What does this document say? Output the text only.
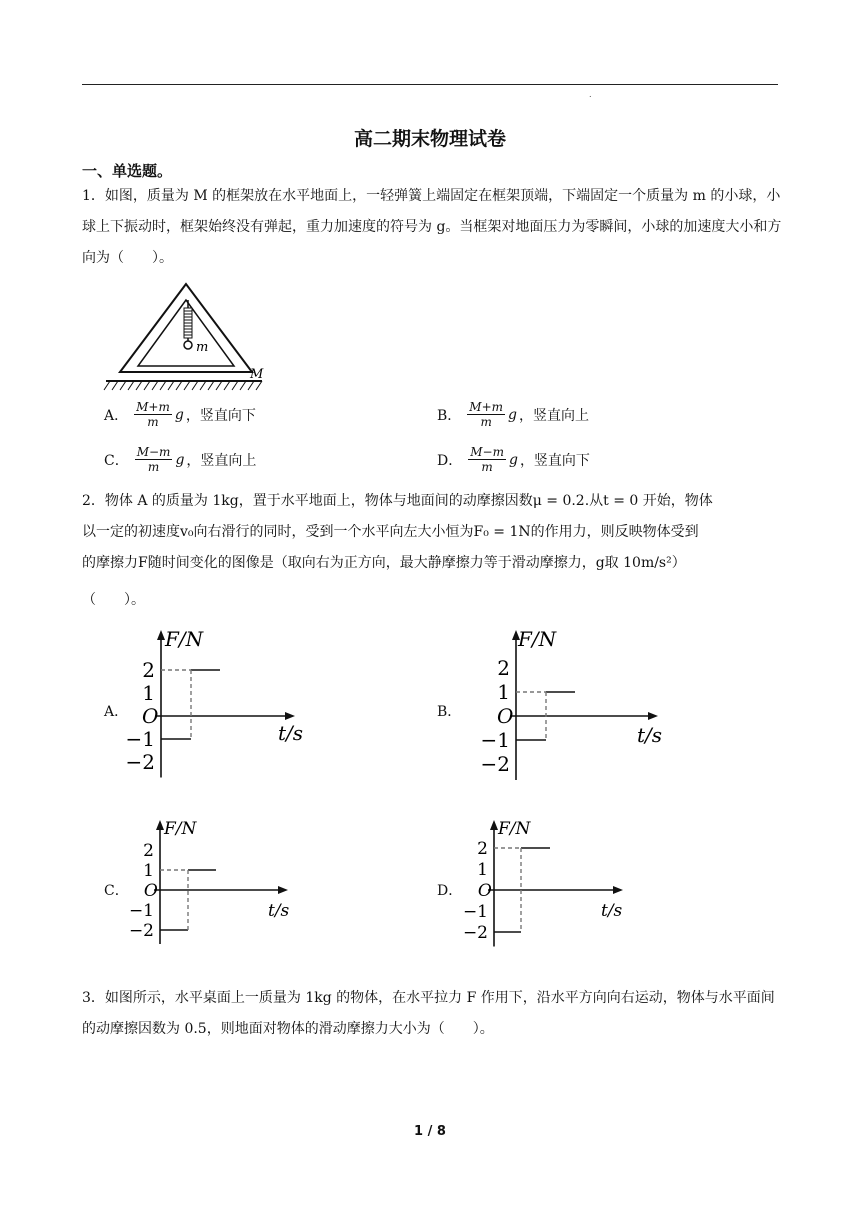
.
高二期末物理试卷
一、单选题。
1．如图，质量为 M 的框架放在水平地面上，一轻弹簧上端固定在框架顶端，下端固定一个质量为 m 的小球，小球上下振动时，框架始终没有弹起，重力加速度的符号为 g。当框架对地面压力为零瞬间，小球的加速度大小和方向为（　　）。
m
M
A． $\frac{M+m}{m}$ g ，竖直向下	B． $\frac{M+m}{m}$ g ，竖直向上
C． $\frac{M-m}{m}$ g ，竖直向上	D． $\frac{M-m}{m}$ g ，竖直向下
2．物体 A 的质量为 1kg，置于水平地面上，物体与地面间的动摩擦因数μ = 0.2.从t = 0 开始，物体
以一定的初速度v₀向右滑行的同时，受到一个水平向左大小恒为F₀ = 1N的作用力，则反映物体受到
的摩擦力F随时间变化的图像是（取向右为正方向，最大静摩擦力等于滑动摩擦力，g取 10m/s²）
（　　）。
A．	B．
C．	D．
F/N
t/s
O
2
1
−1
−2
F/N
t/s
O
2
1
−1
−2
F/N
t/s
O
2
1
−1
−2
F/N
t/s
O
2
1
−1
−2
3．如图所示，水平桌面上一质量为 1kg 的物体，在水平拉力 F 作用下，沿水平方向向右运动，物体与水平面间的动摩擦因数为 0.5，则地面对物体的滑动摩擦力大小为（　　）。
1 / 8
